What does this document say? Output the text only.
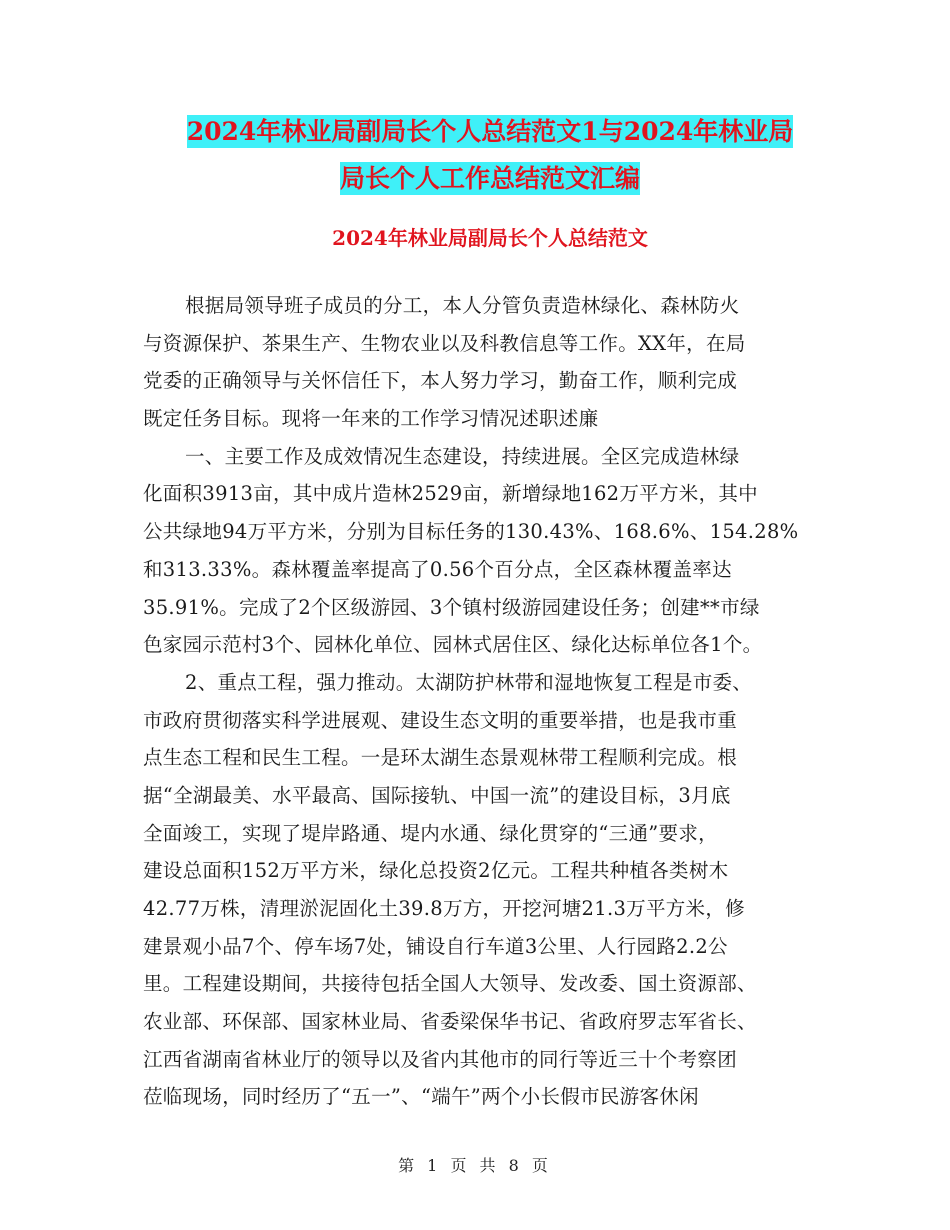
2024年林业局副局长个人总结范文1与2024年林业局
局长个人工作总结范文汇编
2024年林业局副局长个人总结范文
根据局领导班子成员的分工，本人分管负责造林绿化、森林防火
与资源保护、茶果生产、生物农业以及科教信息等工作。XX年，在局
党委的正确领导与关怀信任下，本人努力学习，勤奋工作，顺利完成
既定任务目标。现将一年来的工作学习情况述职述廉
一、主要工作及成效情况生态建设，持续进展。全区完成造林绿
化面积3913亩，其中成片造林2529亩，新增绿地162万平方米，其中
公共绿地94万平方米，分别为目标任务的130.43%、168.6%、154.28%
和313.33%。森林覆盖率提高了0.56个百分点，全区森林覆盖率达
35.91%。完成了2个区级游园、3个镇村级游园建设任务；创建**市绿
色家园示范村3个、园林化单位、园林式居住区、绿化达标单位各1个。
2、重点工程，强力推动。太湖防护林带和湿地恢复工程是市委、
市政府贯彻落实科学进展观、建设生态文明的重要举措，也是我市重
点生态工程和民生工程。一是环太湖生态景观林带工程顺利完成。根
据“全湖最美、水平最高、国际接轨、中国一流”的建设目标，3月底
全面竣工，实现了堤岸路通、堤内水通、绿化贯穿的“三通”要求，
建设总面积152万平方米，绿化总投资2亿元。工程共种植各类树木
42.77万株，清理淤泥固化土39.8万方，开挖河塘21.3万平方米，修
建景观小品7个、停车场7处，铺设自行车道3公里、人行园路2.2公
里。工程建设期间，共接待包括全国人大领导、发改委、国土资源部、
农业部、环保部、国家林业局、省委梁保华书记、省政府罗志军省长、
江西省湖南省林业厅的领导以及省内其他市的同行等近三十个考察团
莅临现场，同时经历了“五一”、“端午”两个小长假市民游客休闲
第 1 页 共 8 页
